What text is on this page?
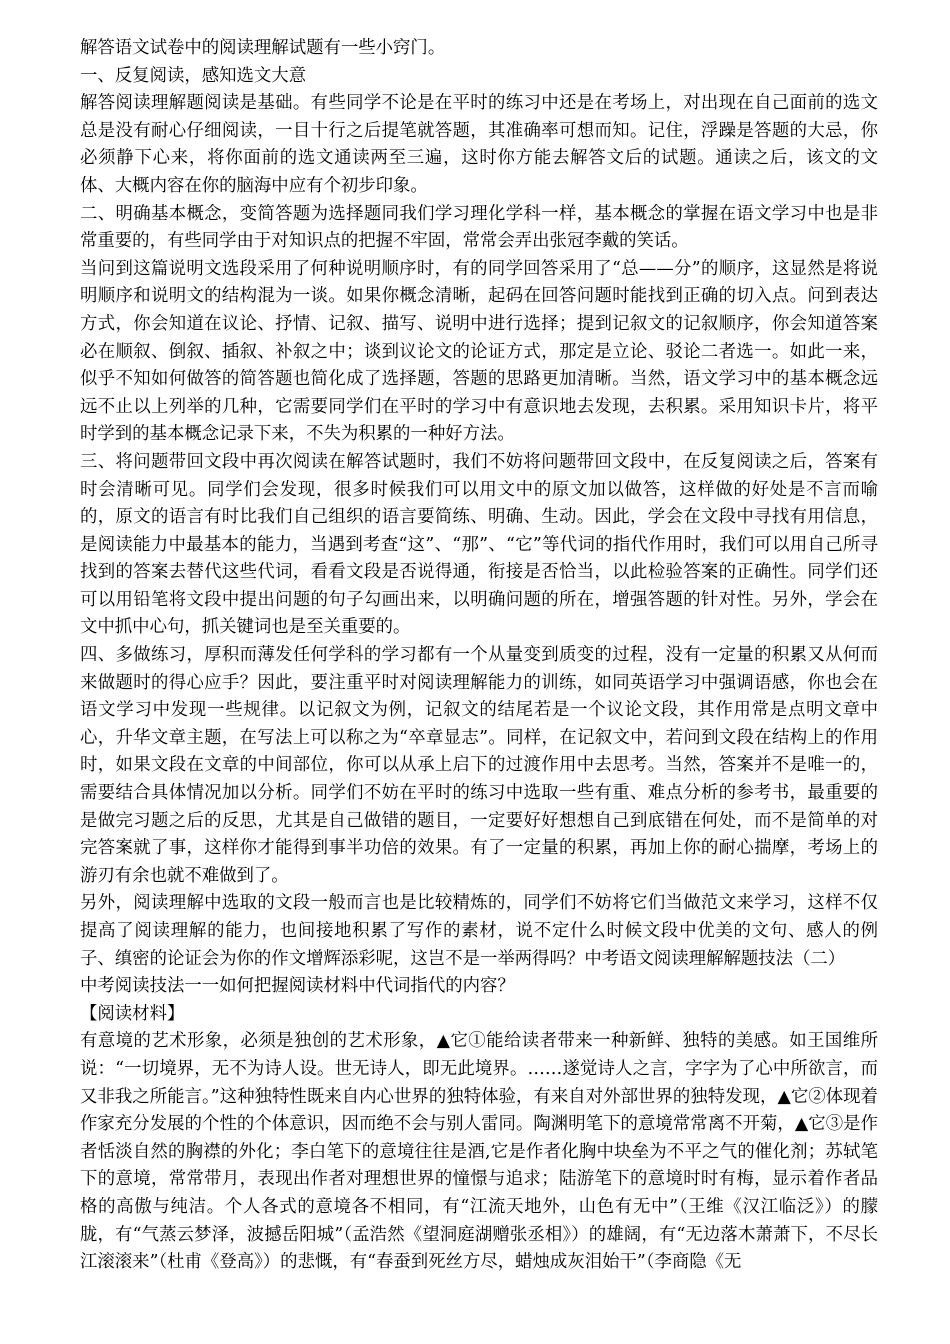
解答语文试卷中的阅读理解试题有一些小窍门。

一、反复阅读，感知选文大意

解答阅读理解题阅读是基础。有些同学不论是在平时的练习中还是在考场上，对出现在自己面前的选文总是没有耐心仔细阅读，一目十行之后提笔就答题，其准确率可想而知。记住，浮躁是答题的大忌，你必须静下心来，将你面前的选文通读两至三遍，这时你方能去解答文后的试题。通读之后，该文的文体、大概内容在你的脑海中应有个初步印象。

二、明确基本概念，变简答题为选择题同我们学习理化学科一样，基本概念的掌握在语文学习中也是非常重要的，有些同学由于对知识点的把握不牢固，常常会弄出张冠李戴的笑话。

当问到这篇说明文选段采用了何种说明顺序时，有的同学回答采用了“总——分”的顺序，这显然是将说明顺序和说明文的结构混为一谈。如果你概念清晰，起码在回答问题时能找到正确的切入点。问到表达方式，你会知道在议论、抒情、记叙、描写、说明中进行选择；提到记叙文的记叙顺序，你会知道答案必在顺叙、倒叙、插叙、补叙之中；谈到议论文的论证方式，那定是立论、驳论二者选一。如此一来，似乎不知如何做答的简答题也简化成了选择题，答题的思路更加清晰。当然，语文学习中的基本概念远远不止以上列举的几种，它需要同学们在平时的学习中有意识地去发现，去积累。采用知识卡片，将平时学到的基本概念记录下来，不失为积累的一种好方法。

三、将问题带回文段中再次阅读在解答试题时，我们不妨将问题带回文段中，在反复阅读之后，答案有时会清晰可见。同学们会发现，很多时候我们可以用文中的原文加以做答，这样做的好处是不言而喻的，原文的语言有时比我们自己组织的语言要简练、明确、生动。因此，学会在文段中寻找有用信息，是阅读能力中最基本的能力，当遇到考查“这”、“那”、“它”等代词的指代作用时，我们可以用自己所寻找到的答案去替代这些代词，看看文段是否说得通，衔接是否恰当，以此检验答案的正确性。同学们还可以用铅笔将文段中提出问题的句子勾画出来，以明确问题的所在，增强答题的针对性。另外，学会在文中抓中心句，抓关键词也是至关重要的。

四、多做练习，厚积而薄发任何学科的学习都有一个从量变到质变的过程，没有一定量的积累又从何而来做题时的得心应手？因此，要注重平时对阅读理解能力的训练，如同英语学习中强调语感，你也会在语文学习中发现一些规律。以记叙文为例，记叙文的结尾若是一个议论文段，其作用常是点明文章中心，升华文章主题，在写法上可以称之为“卒章显志”。同样，在记叙文中，若问到文段在结构上的作用时，如果文段在文章的中间部位，你可以从承上启下的过渡作用中去思考。当然，答案并不是唯一的，需要结合具体情况加以分析。同学们不妨在平时的练习中选取一些有重、难点分析的参考书，最重要的是做完习题之后的反思，尤其是自己做错的题目，一定要好好想想自己到底错在何处，而不是简单的对完答案就了事，这样你才能得到事半功倍的效果。有了一定量的积累，再加上你的耐心揣摩，考场上的游刃有余也就不难做到了。

另外，阅读理解中选取的文段一般而言也是比较精炼的，同学们不妨将它们当做范文来学习，这样不仅提高了阅读理解的能力，也间接地积累了写作的素材，说不定什么时候文段中优美的文句、感人的例子、缜密的论证会为你的作文增辉添彩呢，这岂不是一举两得吗？中考语文阅读理解解题技法（二）

中考阅读技法一一如何把握阅读材料中代词指代的内容？

【阅读材料】

有意境的艺术形象，必须是独创的艺术形象，▲它①能给读者带来一种新鲜、独特的美感。如王国维所说：“一切境界，无不为诗人设。世无诗人，即无此境界。……遂觉诗人之言，字字为了心中所欲言，而又非我之所能言。”这种独特性既来自内心世界的独特体验，有来自对外部世界的独特发现，▲它②体现着作家充分发展的个性的个体意识，因而绝不会与别人雷同。陶渊明笔下的意境常常离不开菊，▲它③是作者恬淡自然的胸襟的外化；李白笔下的意境往往是酒,它是作者化胸中块垒为不平之气的催化剂；苏轼笔下的意境，常常带月，表现出作者对理想世界的憧憬与追求；陆游笔下的意境时时有梅，显示着作者品格的高傲与纯洁。个人各式的意境各不相同，有“江流天地外，山色有无中”（王维《汉江临泛》）的朦胧，有“气蒸云梦泽，波撼岳阳城”（孟浩然《望洞庭湖赠张丞相》）的雄阔，有“无边落木萧萧下，不尽长江滚滚来”（杜甫《登高》）的悲慨，有“春蚕到死丝方尽，蜡烛成灰泪始干”（李商隐《无
